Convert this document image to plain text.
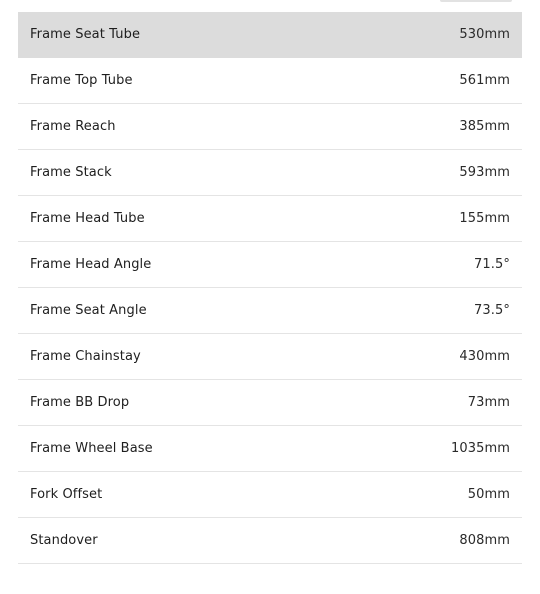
Frame Seat Tube	530mm
Frame Top Tube	561mm
Frame Reach	385mm
Frame Stack	593mm
Frame Head Tube	155mm
Frame Head Angle	71.5°
Frame Seat Angle	73.5°
Frame Chainstay	430mm
Frame BB Drop	73mm
Frame Wheel Base	1035mm
Fork Offset	50mm
Standover	808mm
